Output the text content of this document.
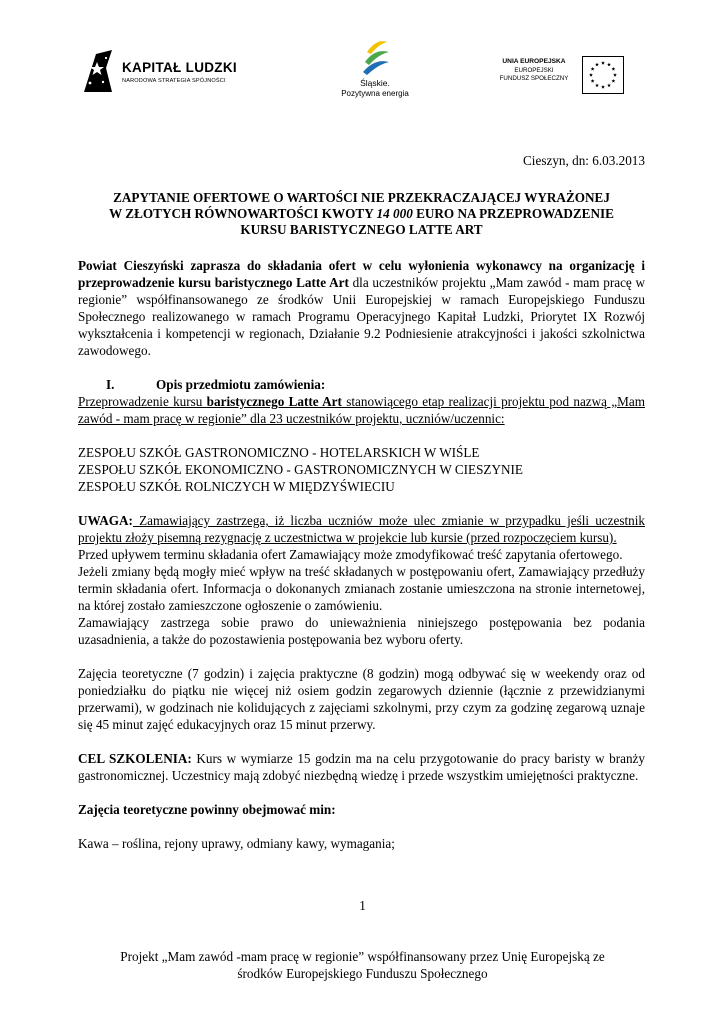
KAPITAŁ LUDZKI
NARODOWA STRATEGIA SPÓJNOŚCI	Śląskie.
Pozytywna energia
UNIA EUROPEJSKA
EUROPEJSKI
FUNDUSZ SPOŁECZNY

Cieszyn, dn: 6.03.2013

ZAPYTANIE OFERTOWE O WARTOŚCI NIE PRZEKRACZAJĄCEJ WYRAŻONEJ
W ZŁOTYCH RÓWNOWARTOŚCI KWOTY 14 000 EURO NA PRZEPROWADZENIE
KURSU BARISTYCZNEGO LATTE ART

Powiat Cieszyński zaprasza do składania ofert w celu wyłonienia wykonawcy na organizację i przeprowadzenie kursu baristycznego Latte Art dla uczestników projektu „Mam zawód - mam pracę w regionie” współfinansowanego ze środków Unii Europejskiej w ramach Europejskiego Funduszu Społecznego realizowanego w ramach Programu Operacyjnego Kapitał Ludzki, Priorytet IX Rozwój wykształcenia i kompetencji w regionach, Działanie 9.2 Podniesienie atrakcyjności i jakości szkolnictwa zawodowego.

I.	Opis przedmiotu zamówienia:

Przeprowadzenie kursu baristycznego Latte Art stanowiącego etap realizacji projektu pod nazwą „Mam zawód - mam pracę w regionie” dla 23 uczestników projektu, uczniów/uczennic:

ZESPOŁU SZKÓŁ GASTRONOMICZNO - HOTELARSKICH W WIŚLE

ZESPOŁU SZKÓŁ EKONOMICZNO - GASTRONOMICZNYCH W CIESZYNIE

ZESPOŁU SZKÓŁ ROLNICZYCH W MIĘDZYŚWIECIU

UWAGA: Zamawiający zastrzega, iż liczba uczniów może ulec zmianie w przypadku jeśli uczestnik projektu złoży pisemną rezygnację z uczestnictwa w projekcie lub kursie (przed rozpoczęciem kursu).

Przed upływem terminu składania ofert Zamawiający może zmodyfikować treść zapytania ofertowego.

Jeżeli zmiany będą mogły mieć wpływ na treść składanych w postępowaniu ofert, Zamawiający przedłuży termin składania ofert. Informacja o dokonanych zmianach zostanie umieszczona na stronie internetowej, na której zostało zamieszczone ogłoszenie o zamówieniu.

Zamawiający zastrzega sobie prawo do unieważnienia niniejszego postępowania bez podania uzasadnienia, a także do pozostawienia postępowania bez wyboru oferty.

Zajęcia teoretyczne (7 godzin) i zajęcia praktyczne (8 godzin) mogą odbywać się w weekendy oraz od poniedziałku do piątku nie więcej niż osiem godzin zegarowych dziennie (łącznie z przewidzianymi przerwami), w godzinach nie kolidujących z zajęciami szkolnymi, przy czym za godzinę zegarową uznaje się 45 minut zajęć edukacyjnych oraz 15 minut przerwy.

CEL SZKOLENIA: Kurs w wymiarze 15 godzin ma na celu przygotowanie do pracy baristy w branży gastronomicznej. Uczestnicy mają zdobyć niezbędną wiedzę i przede wszystkim umiejętności praktyczne.

Zajęcia teoretyczne powinny obejmować min:

Kawa – roślina, rejony uprawy, odmiany kawy, wymagania;

1
Projekt „Mam zawód -mam pracę w regionie” współfinansowany przez Unię Europejską ze
środków Europejskiego Funduszu Społecznego
